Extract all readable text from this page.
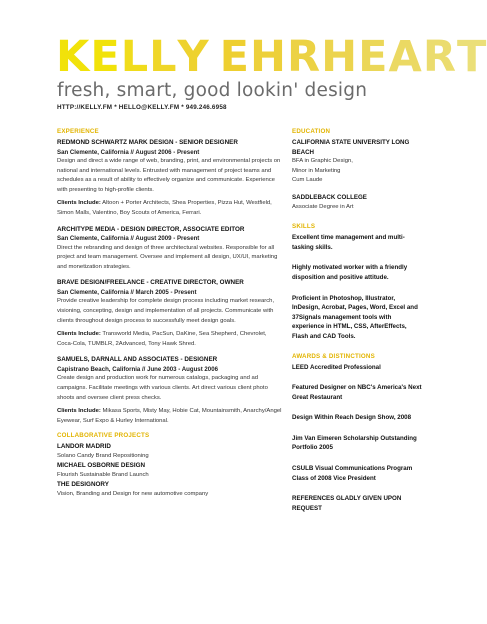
KELLY EHRHEART
fresh, smart, good lookin' design
HTTP://KELLY.FM * HELLO@KELLY.FM * 949.246.6958
EXPERIENCE
REDMOND SCHWARTZ MARK DESIGN - SENIOR DESIGNER
San Clemente, California // August 2006 - Present
Design and direct a wide range of web, branding, print, and environmental projects on national and international levels. Entrusted with management of project teams and schedules as a result of ability to effectively organize and communicate. Experience with presenting to high-profile clients.
Clients Include: Altoon + Porter Architects, Shea Properties, Pizza Hut, Westfield, Simon Malls, Valentino, Boy Scouts of America, Ferrari.
ARCHITYPE MEDIA - DESIGN DIRECTOR, ASSOCIATE EDITOR
San Clemente, California // August 2009 - Present
Direct the rebranding and design of three architectural websites. Responsible for all project and team management. Oversee and implement all design, UX/UI, marketing and monetization strategies.
BRAVE DESIGN/FREELANCE - CREATIVE DIRECTOR, OWNER
San Clemente, California // March 2005 - Present
Provide creative leadership for complete design process including market research, visioning, concepting, design and implementation of all projects. Communicate with clients throughout design process to successfully meet design goals.
Clients Include: Transworld Media, PacSun, DaKine, Sea Shepherd, Chevrolet, Coca-Cola, TUMBLR, 2Advanced, Tony Hawk Shred.
SAMUELS, DARNALL AND ASSOCIATES - DESIGNER
Capistrano Beach, California // June 2003 - August 2006
Create design and production work for numerous catalogs, packaging and ad campaigns. Facilitate meetings with various clients. Art direct various client photo shoots and oversee client press checks.
Clients Include: Mikasa Sports, Misty May, Hobie Cat, Mountainsmith, Anarchy/Angel Eyewear, Surf Expo & Hurley International.
COLLABORATIVE PROJECTS
LANDOR MADRID
Solano Candy Brand Repositioning
MICHAEL OSBORNE DESIGN
Flourish Sustainable Brand Launch
THE DESIGNORY
Vision, Branding and Design for new automotive company
EDUCATION
CALIFORNIA STATE UNIVERSITY LONG BEACH
BFA in Graphic Design,
Minor in Marketing
Cum Laude
SADDLEBACK COLLEGE
Associate Degree in Art
SKILLS
Excellent time management and multi-tasking skills.
Highly motivated worker with a friendly disposition and positive attitude.
Proficient in Photoshop, Illustrator, InDesign, Acrobat, Pages, Word, Excel and 37Signals management tools with experience in HTML, CSS, AfterEffects, Flash and CAD Tools.
AWARDS & DISTINCTIONS
LEED Accredited Professional
Featured Designer on NBC's America's Next Great Restaurant
Design Within Reach Design Show, 2008
Jim Van Eimeren Scholarship Outstanding Portfolio 2005
CSULB Visual Communications Program Class of 2008 Vice President
REFERENCES GLADLY GIVEN UPON REQUEST
